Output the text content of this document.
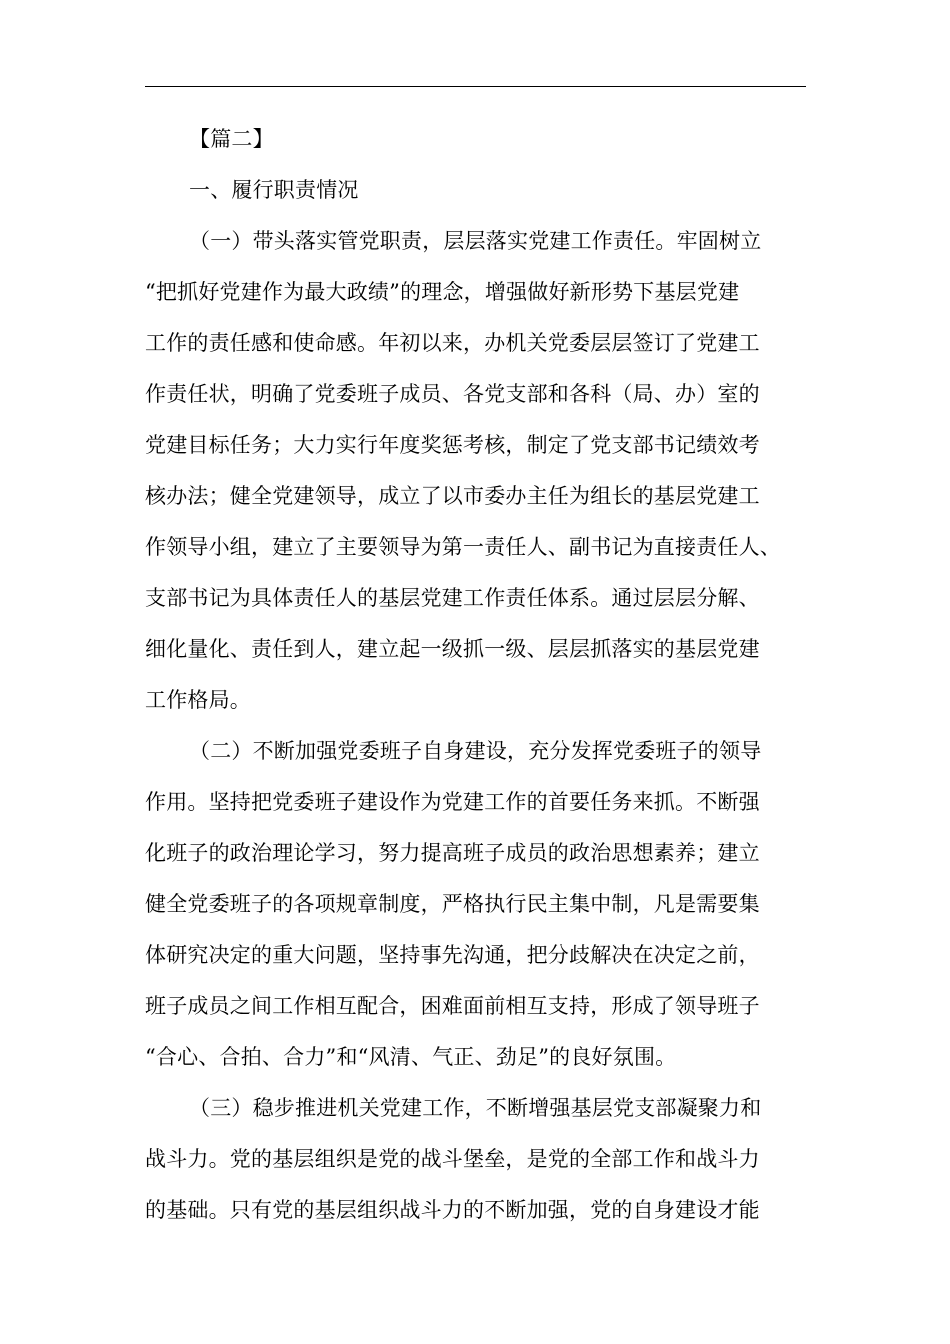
【篇二】
一、履行职责情况
（一）带头落实管党职责，层层落实党建工作责任。牢固树立
“把抓好党建作为最大政绩”的理念，增强做好新形势下基层党建
工作的责任感和使命感。年初以来，办机关党委层层签订了党建工
作责任状，明确了党委班子成员、各党支部和各科（局、办）室的
党建目标任务；大力实行年度奖惩考核，制定了党支部书记绩效考
核办法；健全党建领导，成立了以市委办主任为组长的基层党建工
作领导小组，建立了主要领导为第一责任人、副书记为直接责任人、
支部书记为具体责任人的基层党建工作责任体系。通过层层分解、
细化量化、责任到人，建立起一级抓一级、层层抓落实的基层党建
工作格局。
（二）不断加强党委班子自身建设，充分发挥党委班子的领导
作用。坚持把党委班子建设作为党建工作的首要任务来抓。不断强
化班子的政治理论学习，努力提高班子成员的政治思想素养；建立
健全党委班子的各项规章制度，严格执行民主集中制，凡是需要集
体研究决定的重大问题，坚持事先沟通，把分歧解决在决定之前，
班子成员之间工作相互配合，困难面前相互支持，形成了领导班子
“合心、合拍、合力”和“风清、气正、劲足”的良好氛围。
（三）稳步推进机关党建工作，不断增强基层党支部凝聚力和
战斗力。党的基层组织是党的战斗堡垒，是党的全部工作和战斗力
的基础。只有党的基层组织战斗力的不断加强，党的自身建设才能
